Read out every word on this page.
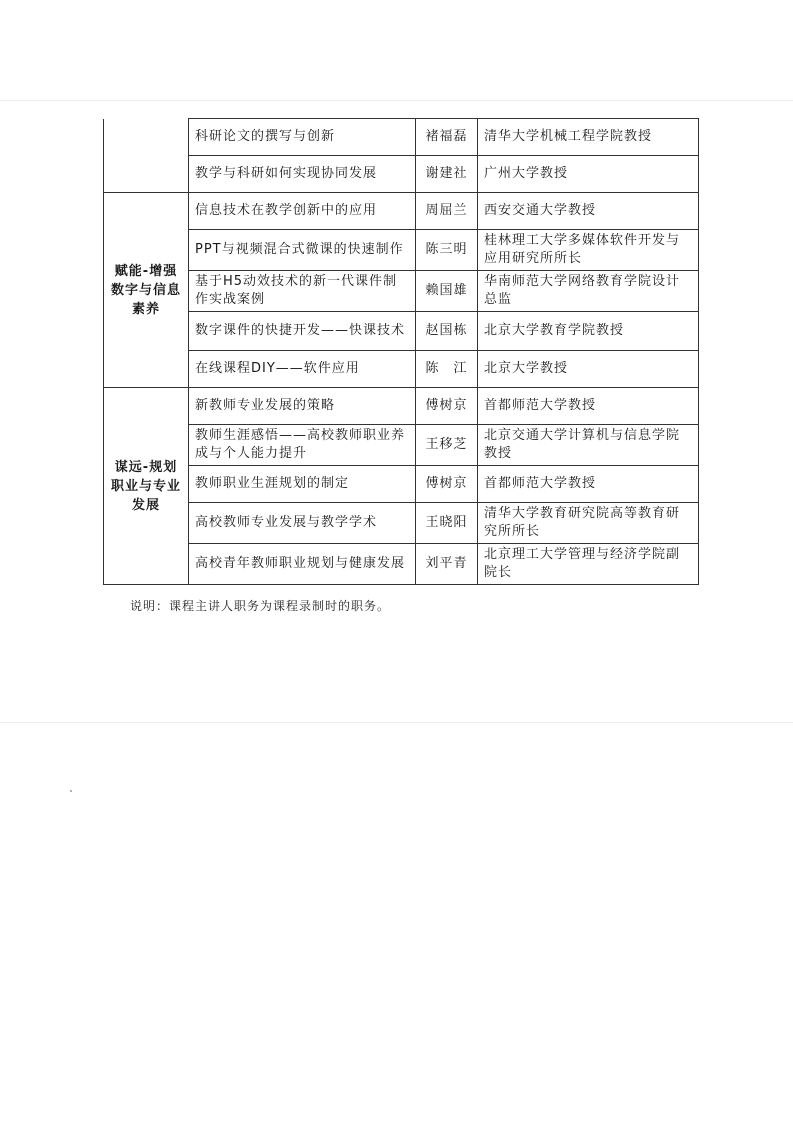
	科研论文的撰写与创新	褚福磊	清华大学机械工程学院教授
	教学与科研如何实现协同发展	谢建社	广州大学教授
赋能-增强数字与信息素养	信息技术在教学创新中的应用	周屈兰	西安交通大学教授
	PPT与视频混合式微课的快速制作	陈三明	桂林理工大学多媒体软件开发与应用研究所所长
	基于H5动效技术的新一代课件制作实战案例	赖国雄	华南师范大学网络教育学院设计总监
	数字课件的快捷开发——快课技术	赵国栋	北京大学教育学院教授
	在线课程DIY——软件应用	陈　江	北京大学教授
谋远-规划职业与专业发展	新教师专业发展的策略	傅树京	首都师范大学教授
	教师生涯感悟——高校教师职业养成与个人能力提升	王移芝	北京交通大学计算机与信息学院教授
	教师职业生涯规划的制定	傅树京	首都师范大学教授
	高校教师专业发展与教学学术	王晓阳	清华大学教育研究院高等教育研究所所长
	高校青年教师职业规划与健康发展	刘平青	北京理工大学管理与经济学院副院长
说明：课程主讲人职务为课程录制时的职务。
